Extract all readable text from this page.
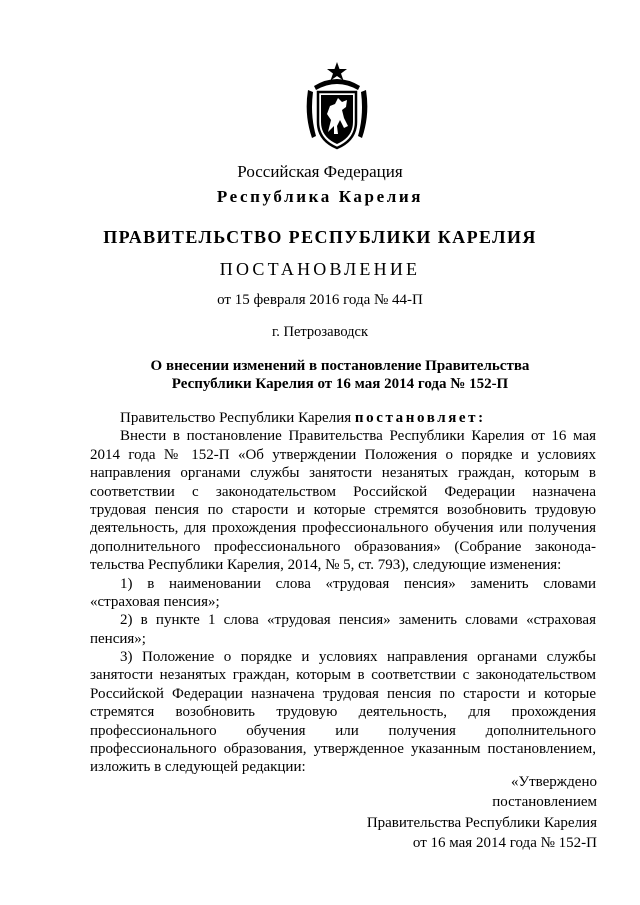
Российская Федерация
Республика Карелия
ПРАВИТЕЛЬСТВО РЕСПУБЛИКИ КАРЕЛИЯ
ПОСТАНОВЛЕНИЕ
от 15 февраля 2016 года № 44-П
г. Петрозаводск
О внесении изменений в постановление Правительства
Республики Карелия от 16 мая 2014 года № 152-П
Правительство Республики Карелия постановляет:
Внести в постановление Правительства Республики Карелия от 16 мая
2014 года № 152-П «Об утверждении Положения о порядке и условиях
направления органами службы занятости незанятых граждан, которым в
соответствии с законодательством Российской Федерации назначена
трудовая пенсия по старости и которые стремятся возобновить трудовую
деятельность, для прохождения профессионального обучения или получения
дополнительного профессионального образования» (Собрание законода-
тельства Республики Карелия, 2014, № 5, ст. 793), следующие изменения:
1) в наименовании слова «трудовая пенсия» заменить словами
«страховая пенсия»;
2) в пункте 1 слова «трудовая пенсия» заменить словами «страховая
пенсия»;
3) Положение о порядке и условиях направления органами службы
занятости незанятых граждан, которым в соответствии с законодательством
Российской Федерации назначена трудовая пенсия по старости и которые
стремятся возобновить трудовую деятельность, для прохождения
профессионального обучения или получения дополнительного
профессионального образования, утвержденное указанным постановлением,
изложить в следующей редакции:
«Утверждено
постановлением
Правительства Республики Карелия
от 16 мая 2014 года № 152-П
